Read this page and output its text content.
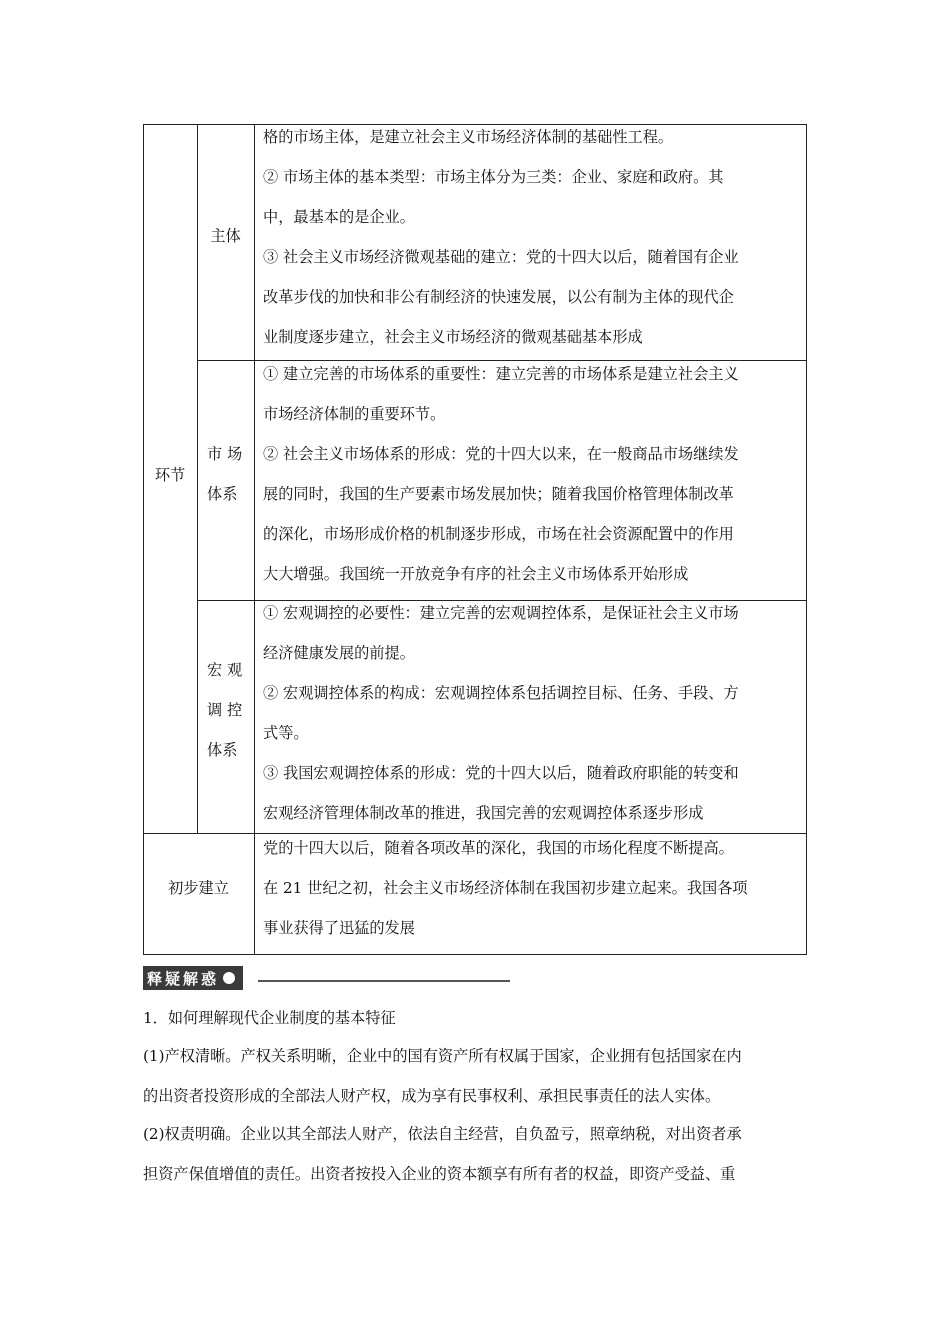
环节
主体
格的市场主体，是建立社会主义市场经济体制的基础性工程。
② 市场主体的基本类型：市场主体分为三类：企业、家庭和政府。其
中，最基本的是企业。
③ 社会主义市场经济微观基础的建立：党的十四大以后，随着国有企业
改革步伐的加快和非公有制经济的快速发展，以公有制为主体的现代企
业制度逐步建立，社会主义市场经济的微观基础基本形成
市 场
体系
① 建立完善的市场体系的重要性：建立完善的市场体系是建立社会主义
市场经济体制的重要环节。
② 社会主义市场体系的形成：党的十四大以来，在一般商品市场继续发
展的同时，我国的生产要素市场发展加快；随着我国价格管理体制改革
的深化，市场形成价格的机制逐步形成，市场在社会资源配置中的作用
大大增强。我国统一开放竞争有序的社会主义市场体系开始形成
宏 观
调 控
体系
① 宏观调控的必要性：建立完善的宏观调控体系，是保证社会主义市场
经济健康发展的前提。
② 宏观调控体系的构成：宏观调控体系包括调控目标、任务、手段、方
式等。
③ 我国宏观调控体系的形成：党的十四大以后，随着政府职能的转变和
宏观经济管理体制改革的推进，我国完善的宏观调控体系逐步形成
初步建立
党的十四大以后，随着各项改革的深化，我国的市场化程度不断提高。
在 21 世纪之初，社会主义市场经济体制在我国初步建立起来。我国各项
事业获得了迅猛的发展
释疑解惑
1．如何理解现代企业制度的基本特征
(1)产权清晰。产权关系明晰，企业中的国有资产所有权属于国家，企业拥有包括国家在内
的出资者投资形成的全部法人财产权，成为享有民事权利、承担民事责任的法人实体。
(2)权责明确。企业以其全部法人财产，依法自主经营，自负盈亏，照章纳税，对出资者承
担资产保值增值的责任。出资者按投入企业的资本额享有所有者的权益，即资产受益、重
